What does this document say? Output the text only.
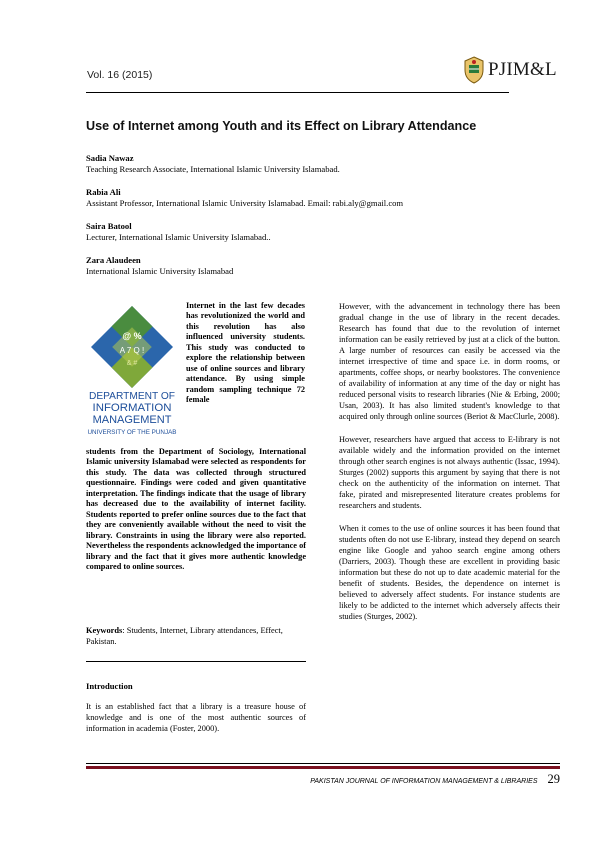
Vol. 16 (2015)	PJIM&L
Use of Internet among Youth and its Effect on Library Attendance
Sadia Nawaz
Teaching Research Associate, International Islamic University Islamabad.
Rabia Ali
Assistant Professor, International Islamic University Islamabad. Email: rabi.aly@gmail.com
Saira Batool
Lecturer, International Islamic University Islamabad..
Zara Alaudeen
International Islamic University Islamabad
@ %
A 7 Q !
& #
DEPARTMENT OF
INFORMATION
MANAGEMENT
UNIVERSITY OF THE PUNJAB
Internet in the last few decades has revolutionized the world and this revolution has also influenced university students. This study was conducted to explore the relationship between use of online sources and library attendance. By using simple random sampling technique 72 female
students from the Department of Sociology, International Islamic university Islamabad were selected as respondents for this study. The data was collected through structured questionnaire. Findings were coded and given quantitative interpretation. The findings indicate that the usage of library has decreased due to the availability of internet facility. Students reported to prefer online sources due to the fact that they are conveniently available without the need to visit the library. Constraints in using the library were also reported. Nevertheless the respondents acknowledged the importance of library and the fact that it gives more authentic knowledge compared to online sources.
Keywords: Students, Internet, Library attendances, Effect, Pakistan.
Introduction
It is an established fact that a library is a treasure house of knowledge and is one of the most authentic sources of information in academia (Foster, 2000).

However, with the advancement in technology there has been gradual change in the use of library in the recent decades. Research has found that due to the revolution of internet information can be easily retrieved by just at a click of the button. A large number of resources can easily be accessed via the internet irrespective of time and space i.e. in dorm rooms, or apartments, coffee shops, or nearby bookstores. The convenience of availability of information at any time of the day or night has reduced personal visits to research libraries (Nie & Erbing, 2000; Usan, 2003). It has also limited student's knowledge to that acquired only through online sources (Beriot & MacClurle, 2008).

However, researchers have argued that access to E-library is not available widely and the information provided on the internet through other search engines is not always authentic (Issac, 1994). Sturges (2002) supports this argument by saying that there is not check on the authenticity of the information on internet. That fake, pirated and misrepresented literature creates problems for researchers and students.

When it comes to the use of online sources it has been found that students often do not use E-library, instead they depend on search engine like Google and yahoo search engine among others (Darriers, 2003). Though these are excellent in providing basic information but these do not up to date academic material for the benefit of students. Besides, the dependence on internet is believed to adversely affect students. For instance students are likely to be addicted to the internet which adversely affects their studies (Sturges, 2002).

PAKISTAN JOURNAL OF INFORMATION MANAGEMENT & LIBRARIES 29
